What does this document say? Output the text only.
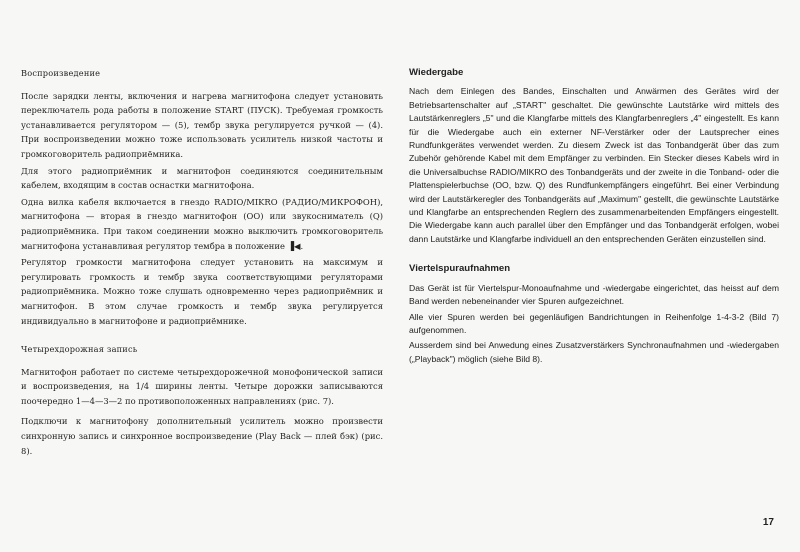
Воспроизведение

После зарядки ленты, включения и нагрева магнитофона следует установить переключатель рода работы в положение START (ПУСК). Требуемая громкость устанавливается регулятором — (5), тембр звука регулируется ручкой — (4). При воспроизведении можно тоже использовать усилитель низкой частоты и громкоговоритель радиоприёмника.

Для этого радиоприёмник и магнитофон соединяются соединительным кабелем, входящим в состав оснастки магнитофона.

Одна вилка кабеля включается в гнездо RADIO/MIKRO (РАДИО/МИКРОФОН), магнитофона — вторая в гнездо магнитофон (OO) или звукосниматель (Q) радиоприёмника. При таком соединении можно выключить громкоговоритель магнитофона устанавливая регулятор тембра в положение ▐◀.

Регулятор громкости магнитофона следует установить на максимум и регулировать громкость и тембр звука соответствующими регуляторами радиоприёмника. Можно тоже слушать одновременно через радиоприёмник и магнитофон. В этом случае громкость и тембр звука регулируется индивидуально в магнитофоне и радиоприёмнике.

Четырехдорожная запись

Магнитофон работает по системе четырехдорожечной монофонической записи и воспроизведения, на 1/4 ширины ленты. Четыре дорожки записываются поочередно 1—4—3—2 по противоположенных направлениях (рис. 7).

Подключи к магнитофону дополнительный усилитель можно произвести синхронную запись и синхронное воспроизведение (Play Back — плей бэк) (рис. 8).

Wiedergabe

Nach dem Einlegen des Bandes, Einschalten und Anwärmen des Gerätes wird der Betriebsartenschalter auf „START" geschaltet. Die gewünschte Lautstärke wird mittels des Lautstärkenreglers „5" und die Klangfarbe mittels des Klangfarbenreglers „4" eingestellt. Es kann für die Wiedergabe auch ein externer NF-Verstärker oder der Lautsprecher eines Rundfunkgerätes verwendet werden. Zu diesem Zweck ist das Tonbandgerät über das zum Zubehör gehörende Kabel mit dem Empfänger zu verbinden. Ein Stecker dieses Kabels wird in die Universalbuchse RADIO/MIKRO des Tonbandgeräts und der zweite in die Tonband- oder die Plattenspielerbuchse (OO, bzw. Q) des Rundfunkempfängers eingeführt. Bei einer Verbindung wird der Lautstärkeregler des Tonbandgeräts auf „Maximum" gestellt, die gewünschte Lautstärke und Klangfarbe an entsprechenden Reglern des zusammenarbeitenden Empfängers eingestellt. Die Wiedergabe kann auch parallel über den Empfänger und das Tonbandgerät erfolgen, wobei dann Lautstärke und Klangfarbe individuell an den entsprechenden Geräten einzustellen sind.

Viertelspuraufnahmen

Das Gerät ist für Viertelspur-Monoaufnahme und -wiedergabe eingerichtet, das heisst auf dem Band werden nebeneinander vier Spuren aufgezeichnet.

Alle vier Spuren werden bei gegenläufigen Bandrichtungen in Reihenfolge 1-4-3-2 (Bild 7) aufgenommen.

Ausserdem sind bei Anwedung eines Zusatzverstärkers Synchronaufnahmen und -wiedergaben („Playback") möglich (siehe Bild 8).

17
